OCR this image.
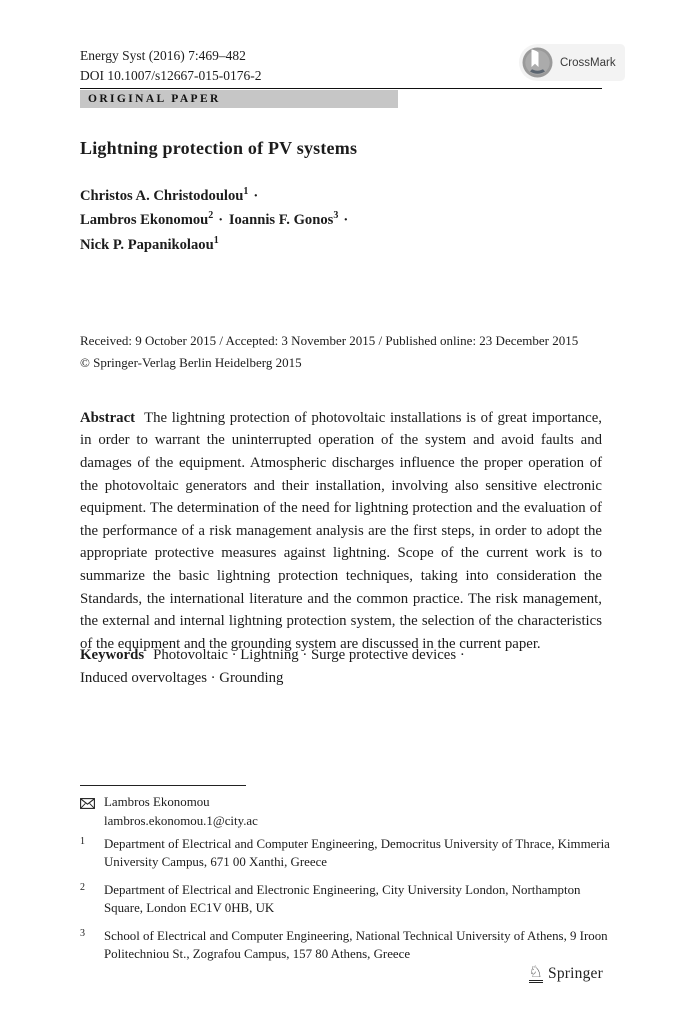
Energy Syst (2016) 7:469–482
DOI 10.1007/s12667-015-0176-2
CrossMark
ORIGINAL PAPER
Lightning protection of PV systems
Christos A. Christodoulou$^1$ ·
Lambros Ekonomou$^2$ · Ioannis F. Gonos$^3$ ·
Nick P. Papanikolaou$^1$
Received: 9 October 2015 / Accepted: 3 November 2015 / Published online: 23 December 2015
© Springer-Verlag Berlin Heidelberg 2015

Abstract The lightning protection of photovoltaic installations is of great importance, in order to warrant the uninterrupted operation of the system and avoid faults and damages of the equipment. Atmospheric discharges influence the proper operation of the photovoltaic generators and their installation, involving also sensitive electronic equipment. The determination of the need for lightning protection and the evaluation of the performance of a risk management analysis are the first steps, in order to adopt the appropriate protective measures against lightning. Scope of the current work is to summarize the basic lightning protection techniques, taking into consideration the Standards, the international literature and the common practice. The risk management, the external and internal lightning protection system, the selection of the characteristics of the equipment and the grounding system are discussed in the current paper.

Keywords Photovoltaic · Lightning · Surge protective devices ·
Induced overvoltages · Grounding
Lambros Ekonomou
lambros.ekonomou.1@city.ac
1	Department of Electrical and Computer Engineering, Democritus University of Thrace, Kimmeria University Campus, 671 00 Xanthi, Greece
2	Department of Electrical and Electronic Engineering, City University London, Northampton Square, London EC1V 0HB, UK
3	School of Electrical and Computer Engineering, National Technical University of Athens, 9 Iroon Politechniou St., Zografou Campus, 157 80 Athens, Greece
♘ Springer
